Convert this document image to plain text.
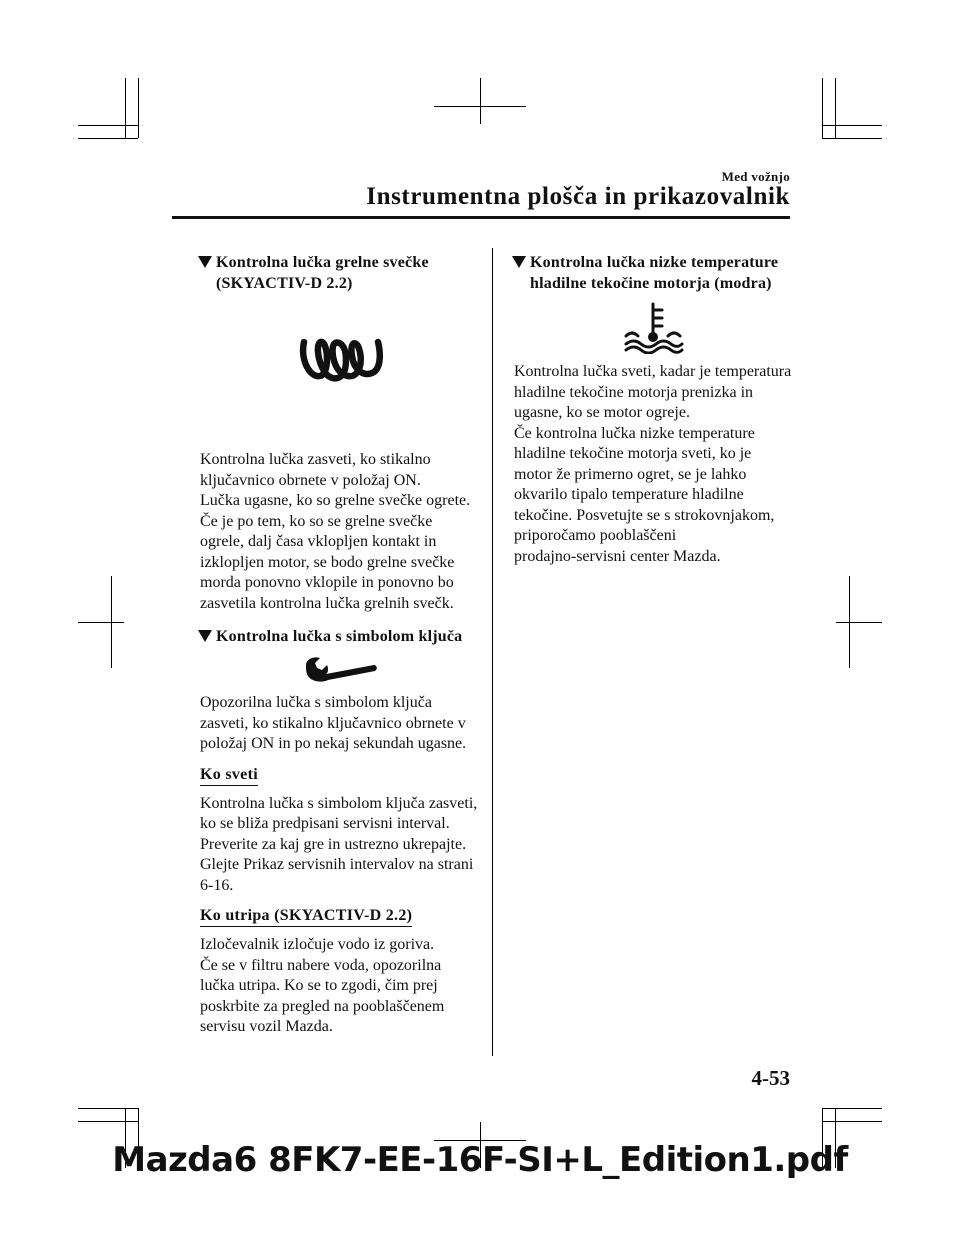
Med vožnjo
Instrumentna plošča in prikazovalnik
Kontrolna lučka grelne svečke
(SKYACTIV-D 2.2)
Kontrolna lučka zasveti, ko stikalno
ključavnico obrnete v položaj ON.
Lučka ugasne, ko so grelne svečke ogrete.
Če je po tem, ko so se grelne svečke
ogrele, dalj časa vklopljen kontakt in
izklopljen motor, se bodo grelne svečke
morda ponovno vklopile in ponovno bo
zasvetila kontrolna lučka grelnih svečk.
Kontrolna lučka s simbolom ključa
Opozorilna lučka s simbolom ključa
zasveti, ko stikalno ključavnico obrnete v
položaj ON in po nekaj sekundah ugasne.
Ko sveti
Kontrolna lučka s simbolom ključa zasveti,
ko se bliža predpisani servisni interval.
Preverite za kaj gre in ustrezno ukrepajte.
Glejte Prikaz servisnih intervalov na strani
6-16.
Ko utripa (SKYACTIV-D 2.2)
Izločevalnik izločuje vodo iz goriva.
Če se v filtru nabere voda, opozorilna
lučka utripa. Ko se to zgodi, čim prej
poskrbite za pregled na pooblaščenem
servisu vozil Mazda.
Kontrolna lučka nizke temperature
hladilne tekočine motorja (modra)
Kontrolna lučka sveti, kadar je temperatura
hladilne tekočine motorja prenizka in
ugasne, ko se motor ogreje.
Če kontrolna lučka nizke temperature
hladilne tekočine motorja sveti, ko je
motor že primerno ogret, se je lahko
okvarilo tipalo temperature hladilne
tekočine. Posvetujte se s strokovnjakom,
priporočamo pooblaščeni
prodajno-servisni center Mazda.
4-53
Mazda6 8FK7-EE-16F-SI+L_Edition1.pdf
